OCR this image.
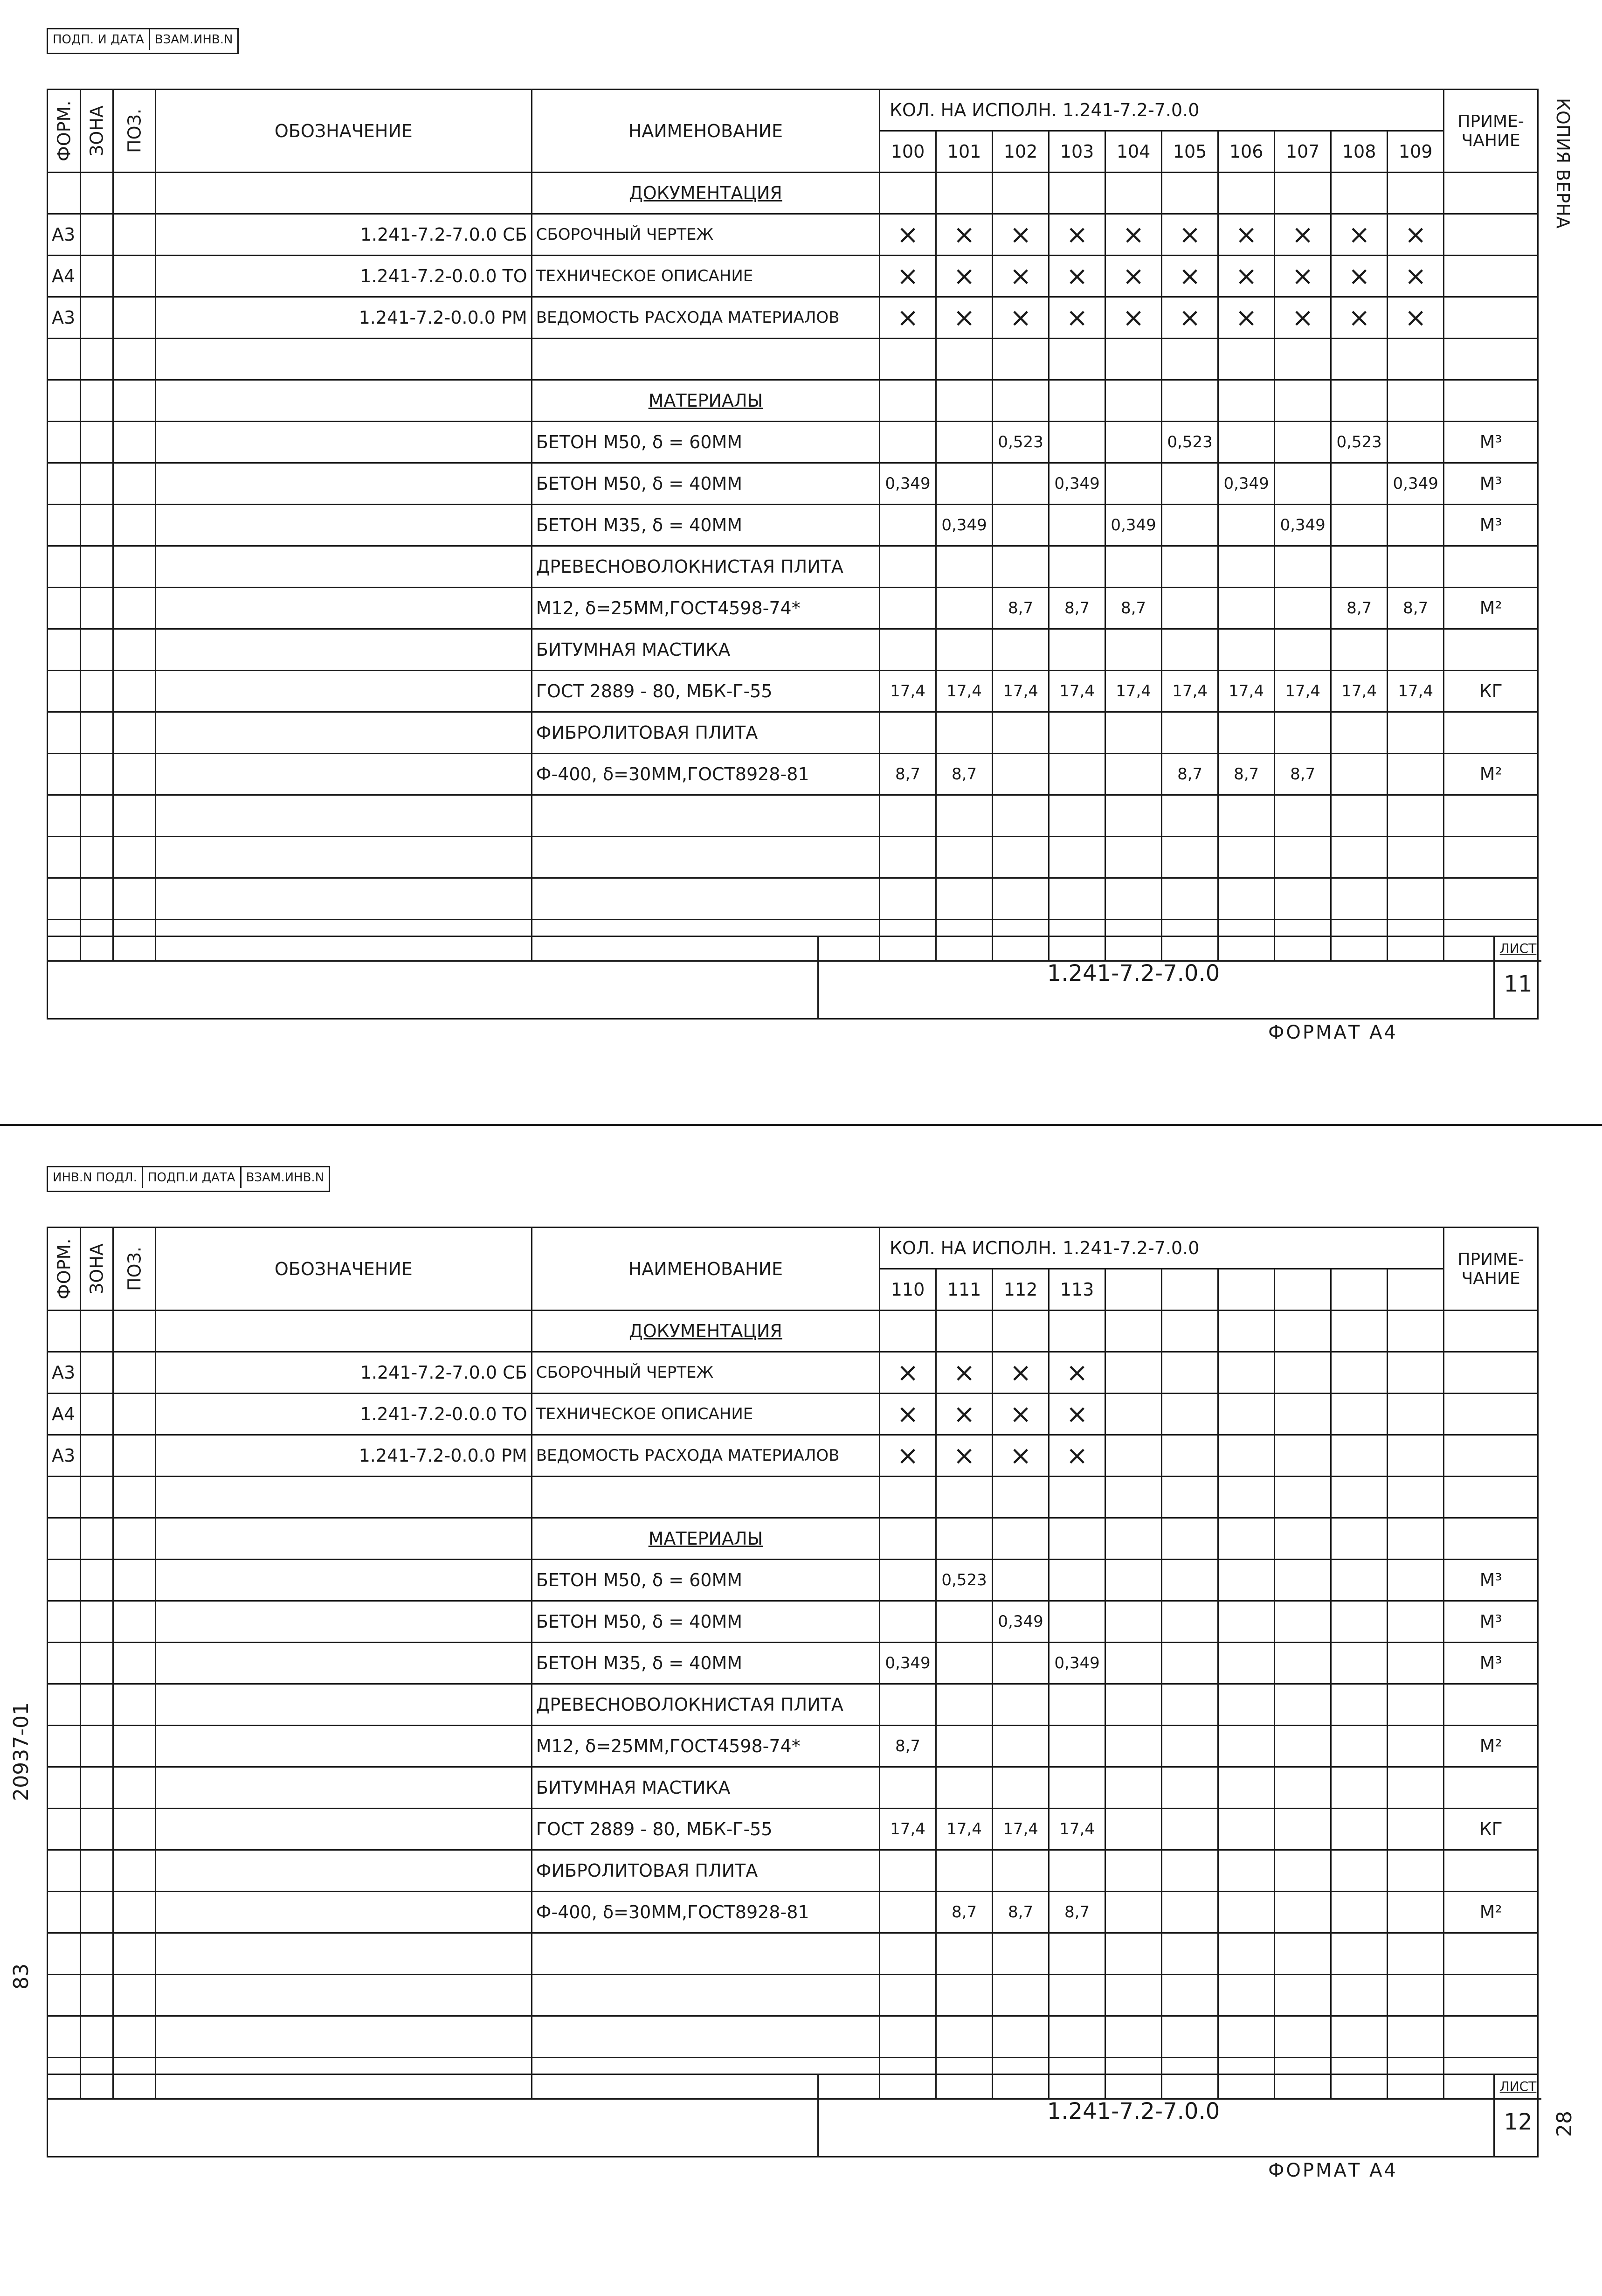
ПОДП. И ДАТА ВЗАМ.ИНВ.N
ФОРМ.	ЗОНА	ПОЗ.	ОБОЗНАЧЕНИЕ	НАИМЕНОВАНИЕ	КОЛ. НА ИСПОЛН. 1.241-7.2-7.0.0										ПРИМЕ-ЧАНИЕ
					100	101	102	103	104	105	106	107	108	109	
				ДОКУМЕНТАЦИЯ											
А3			1.241-7.2-7.0.0 СБ	СБОРОЧНЫЙ ЧЕРТЕЖ	×	×	×	×	×	×	×	×	×	×	
А4			1.241-7.2-0.0.0 ТО	ТЕХНИЧЕСКОЕ ОПИСАНИЕ	×	×	×	×	×	×	×	×	×	×	
А3			1.241-7.2-0.0.0 РМ	ВЕДОМОСТЬ РАСХОДА МАТЕРИАЛОВ	×	×	×	×	×	×	×	×	×	×	

				МАТЕРИАЛЫ											
				БЕТОН М50, δ = 60ММ			0,523			0,523			0,523		М³
				БЕТОН М50, δ = 40ММ	0,349			0,349			0,349			0,349	М³
				БЕТОН М35, δ = 40ММ		0,349			0,349			0,349			М³
				ДРЕВЕСНОВОЛОКНИСТАЯ ПЛИТА											
				М12, δ=25ММ,ГОСТ4598-74*			8,7	8,7	8,7				8,7	8,7	М²
				БИТУМНАЯ МАСТИКА											
				ГОСТ 2889 - 80, МБК-Г-55	17,4	17,4	17,4	17,4	17,4	17,4	17,4	17,4	17,4	17,4	КГ
				ФИБРОЛИТОВАЯ ПЛИТА											
				Ф-400, δ=30ММ,ГОСТ8928-81	8,7	8,7				8,7	8,7	8,7			М²

1.241-7.2-7.0.0
ЛИСТ
11
ФОРМАТ А4
КОПИЯ ВЕРНА
ИНВ.N ПОДЛ. ПОДП.И ДАТА ВЗАМ.ИНВ.N
ФОРМ.	ЗОНА	ПОЗ.	ОБОЗНАЧЕНИЕ	НАИМЕНОВАНИЕ	КОЛ. НА ИСПОЛН. 1.241-7.2-7.0.0										ПРИМЕ-ЧАНИЕ
					110	111	112	113							
				ДОКУМЕНТАЦИЯ											
А3			1.241-7.2-7.0.0 СБ	СБОРОЧНЫЙ ЧЕРТЕЖ	×	×	×	×							
А4			1.241-7.2-0.0.0 ТО	ТЕХНИЧЕСКОЕ ОПИСАНИЕ	×	×	×	×							
А3			1.241-7.2-0.0.0 РМ	ВЕДОМОСТЬ РАСХОДА МАТЕРИАЛОВ	×	×	×	×							

				МАТЕРИАЛЫ											
				БЕТОН М50, δ = 60ММ		0,523									М³
				БЕТОН М50, δ = 40ММ			0,349								М³
				БЕТОН М35, δ = 40ММ	0,349			0,349							М³
				ДРЕВЕСНОВОЛОКНИСТАЯ ПЛИТА											
				М12, δ=25ММ,ГОСТ4598-74*	8,7										М²
				БИТУМНАЯ МАСТИКА											
				ГОСТ 2889 - 80, МБК-Г-55	17,4	17,4	17,4	17,4							КГ
				ФИБРОЛИТОВАЯ ПЛИТА											
				Ф-400, δ=30ММ,ГОСТ8928-81		8,7	8,7	8,7							М²

1.241-7.2-7.0.0
ЛИСТ
12
ФОРМАТ А4
28
20937-01
83
